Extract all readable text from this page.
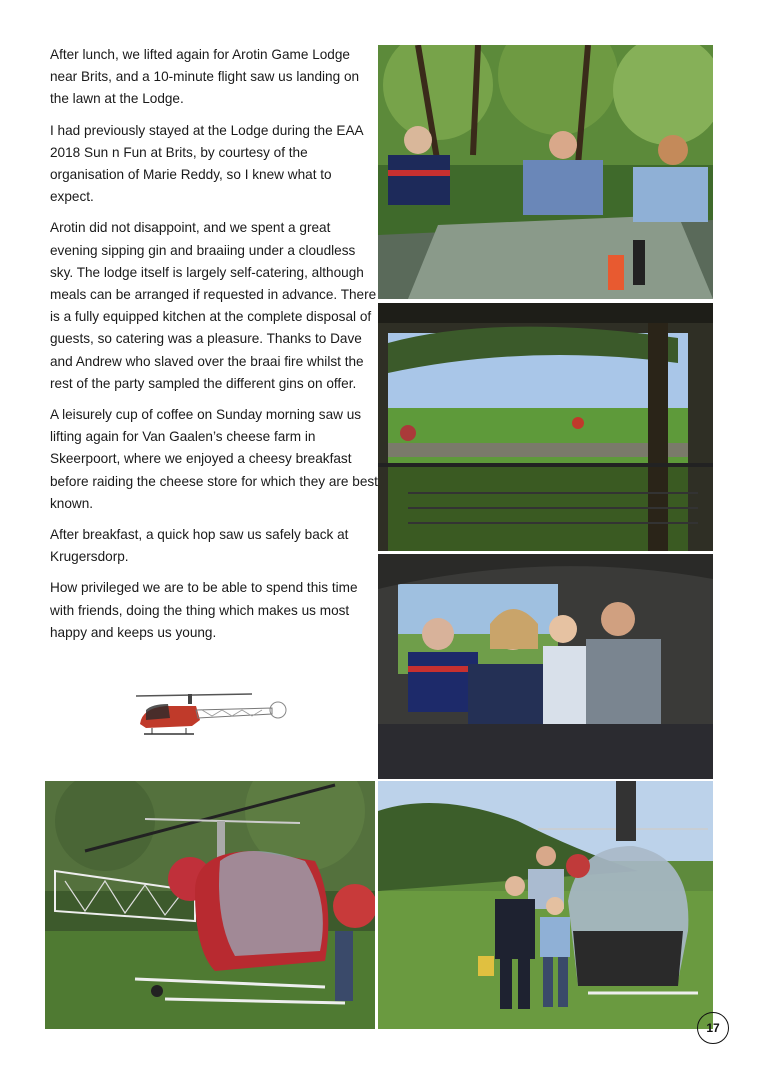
After lunch, we lifted again for Arotin Game Lodge near Brits, and a 10-minute flight saw us landing on the lawn at the Lodge.

I had previously stayed at the Lodge during the EAA 2018 Sun n Fun at Brits, by courtesy of the organisation of Marie Reddy, so I knew what to expect.

Arotin did not disappoint, and we spent a great evening sipping gin and braaiing under a cloudless sky. The lodge itself is largely self-catering, although meals can be arranged if requested in advance. There is a fully equipped kitchen at the complete disposal of guests, so catering was a pleasure. Thanks to Dave and Andrew who slaved over the braai fire whilst the rest of the party sampled the different gins on offer.

A leisurely cup of coffee on Sunday morning saw us lifting again for Van Gaalen’s cheese farm in Skeerpoort, where we enjoyed a cheesy breakfast before raiding the cheese store for which they are best known.

After breakfast, a quick hop saw us safely back at Krugersdorp.

How privileged we are to be able to spend this time with friends, doing the thing which makes us most happy and keeps us young.

17
